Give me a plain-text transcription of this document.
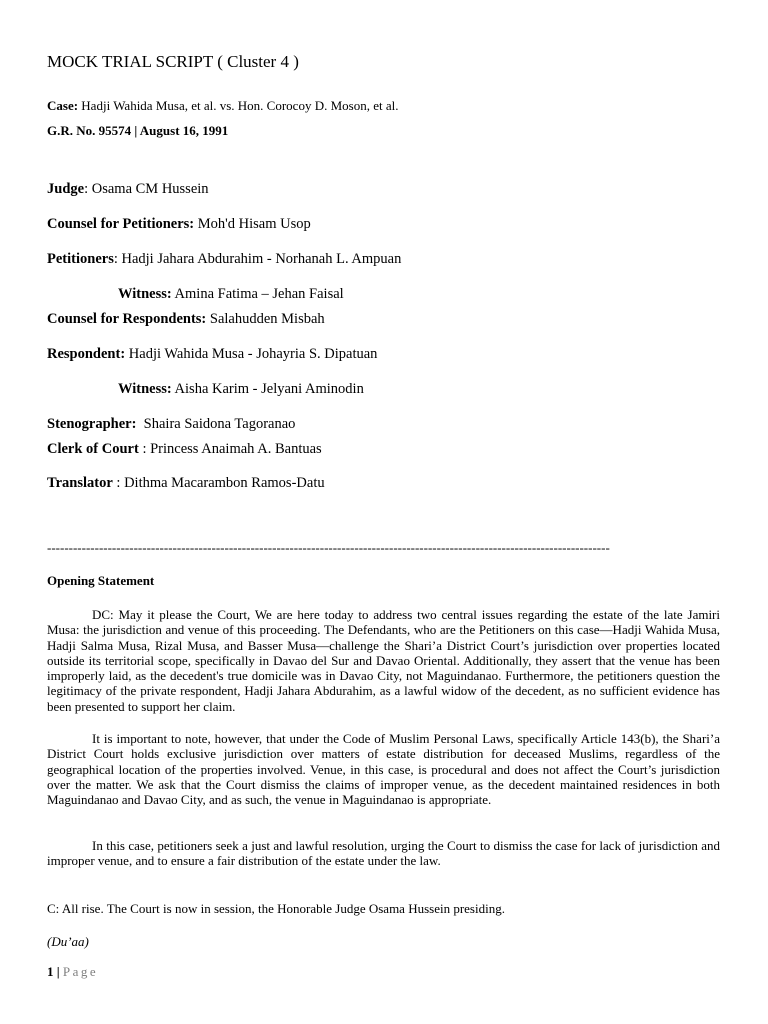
MOCK TRIAL SCRIPT ( Cluster 4 )
Case: Hadji Wahida Musa, et al. vs. Hon. Corocoy D. Moson, et al.
G.R. No. 95574 | August 16, 1991
Judge: Osama CM Hussein
Counsel for Petitioners: Moh'd Hisam Usop
Petitioners: Hadji Jahara Abdurahim - Norhanah L. Ampuan
Witness: Amina Fatima – Jehan Faisal
Counsel for Respondents: Salahudden Misbah
Respondent: Hadji Wahida Musa - Johayria S. Dipatuan
Witness: Aisha Karim - Jelyani Aminodin
Stenographer: Shaira Saidona Tagoranao
Clerk of Court : Princess Anaimah A. Bantuas
Translator : Dithma Macarambon Ramos-Datu
----------------------------------------------------------------------------------------------------------------------------------
Opening Statement

DC: May it please the Court, We are here today to address two central issues regarding the estate of the late Jamiri Musa: the jurisdiction and venue of this proceeding. The Defendants, who are the Petitioners on this case—Hadji Wahida Musa, Hadji Salma Musa, Rizal Musa, and Basser Musa—challenge the Shari’a District Court’s jurisdiction over properties located outside its territorial scope, specifically in Davao del Sur and Davao Oriental. Additionally, they assert that the venue has been improperly laid, as the decedent's true domicile was in Davao City, not Maguindanao. Furthermore, the petitioners question the legitimacy of the private respondent, Hadji Jahara Abdurahim, as a lawful widow of the decedent, as no sufficient evidence has been presented to support her claim.

It is important to note, however, that under the Code of Muslim Personal Laws, specifically Article 143(b), the Shari’a District Court holds exclusive jurisdiction over matters of estate distribution for deceased Muslims, regardless of the geographical location of the properties involved. Venue, in this case, is procedural and does not affect the Court’s jurisdiction over the matter. We ask that the Court dismiss the claims of improper venue, as the decedent maintained residences in both Maguindanao and Davao City, and as such, the venue in Maguindanao is appropriate.

In this case, petitioners seek a just and lawful resolution, urging the Court to dismiss the case for lack of jurisdiction and improper venue, and to ensure a fair distribution of the estate under the law.

C: All rise. The Court is now in session, the Honorable Judge Osama Hussein presiding.
(Du’aa)
1 | Page
